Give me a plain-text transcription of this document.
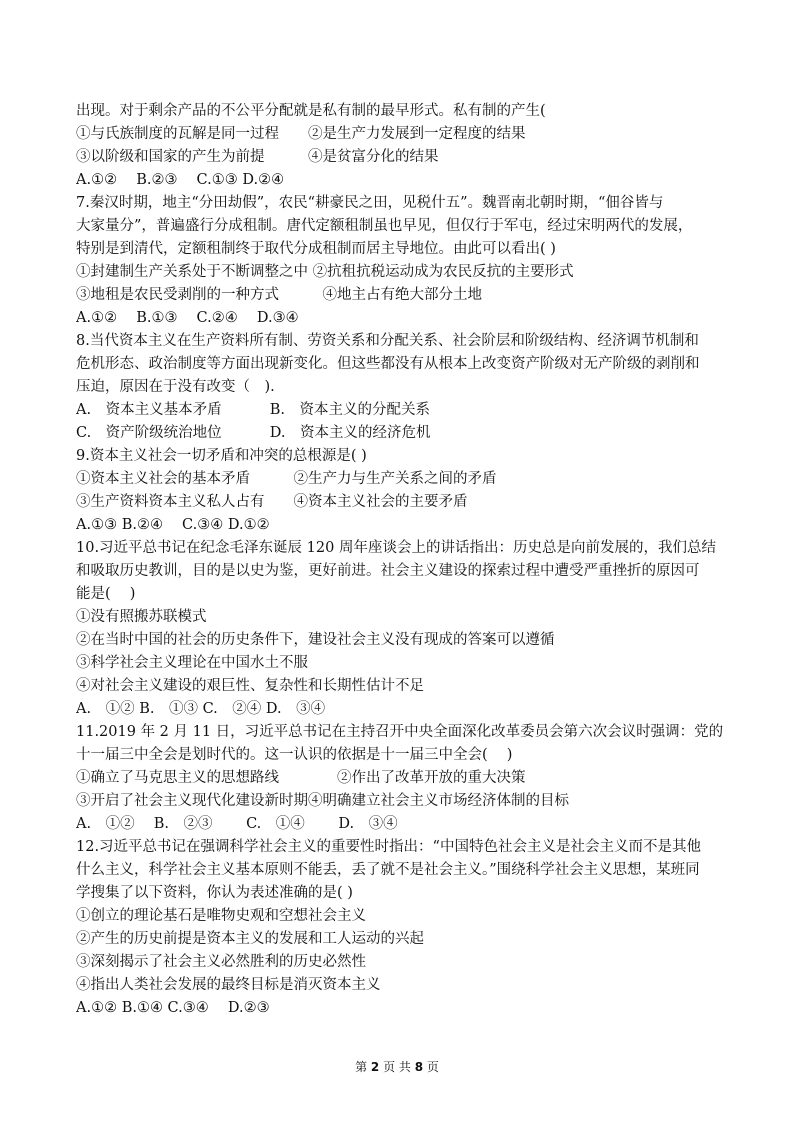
出现。对于剩余产品的不公平分配就是私有制的最早形式。私有制的产生(
①与氏族制度的瓦解是同一过程　　②是生产力发展到一定程度的结果
③以阶级和国家的产生为前提　　　④是贫富分化的结果
A.①②　 B.②③　 C.①③ D.②④
7.秦汉时期，地主“分田劫假”，农民“耕豪民之田，见税什五”。魏晋南北朝时期，“佃谷皆与
大家量分”，普遍盛行分成租制。唐代定额租制虽也早见，但仅行于军屯，经过宋明两代的发展，
特别是到清代，定额租制终于取代分成租制而居主导地位。由此可以看出( )
①封建制生产关系处于不断调整之中 ②抗租抗税运动成为农民反抗的主要形式
③地租是农民受剥削的一种方式　　　④地主占有绝大部分土地
A.①②　 B.①③　 C.②④　 D.③④
8.当代资本主义在生产资料所有制、劳资关系和分配关系、社会阶层和阶级结构、经济调节机制和
危机形态、政治制度等方面出现新变化。但这些都没有从根本上改变资产阶级对无产阶级的剥削和
压迫，原因在于没有改变（　).
A.　资本主义基本矛盾　　　 B.　资本主义的分配关系
C.　资产阶级统治地位　　　 D.　资本主义的经济危机
9.资本主义社会一切矛盾和冲突的总根源是( )
①资本主义社会的基本矛盾　　　②生产力与生产关系之间的矛盾
③生产资料资本主义私人占有　　④资本主义社会的主要矛盾
A.①③ B.②④　 C.③④ D.①②
10.习近平总书记在纪念毛泽东诞辰 120 周年座谈会上的讲话指出：历史总是向前发展的，我们总结
和吸取历史教训，目的是以史为鉴，更好前进。社会主义建设的探索过程中遭受严重挫折的原因可
能是(　 )
①没有照搬苏联模式
②在当时中国的社会的历史条件下，建设社会主义没有现成的答案可以遵循
③科学社会主义理论在中国水土不服
④对社会主义建设的艰巨性、复杂性和长期性估计不足
A.　①② B.　①③ C.　②④ D.　③④
11.2019 年 2 月 11 日，习近平总书记在主持召开中央全面深化改革委员会第六次会议时强调：党的
十一届三中全会是划时代的。这一认识的依据是十一届三中全会(　 )
①确立了马克思主义的思想路线　　　　②作出了改革开放的重大决策
③开启了社会主义现代化建设新时期④明确建立社会主义市场经济体制的目标
A.　①②　 B.　②③　　 C.　①④　　 D.　③④
12.习近平总书记在强调科学社会主义的重要性时指出：“中国特色社会主义是社会主义而不是其他
什么主义，科学社会主义基本原则不能丢，丢了就不是社会主义。”围绕科学社会主义思想，某班同
学搜集了以下资料，你认为表述准确的是( )
①创立的理论基石是唯物史观和空想社会主义
②产生的历史前提是资本主义的发展和工人运动的兴起
③深刻揭示了社会主义必然胜利的历史必然性
④指出人类社会发展的最终目标是消灭资本主义
A.①② B.①④ C.③④　 D.②③
第 2 页 共 8 页
